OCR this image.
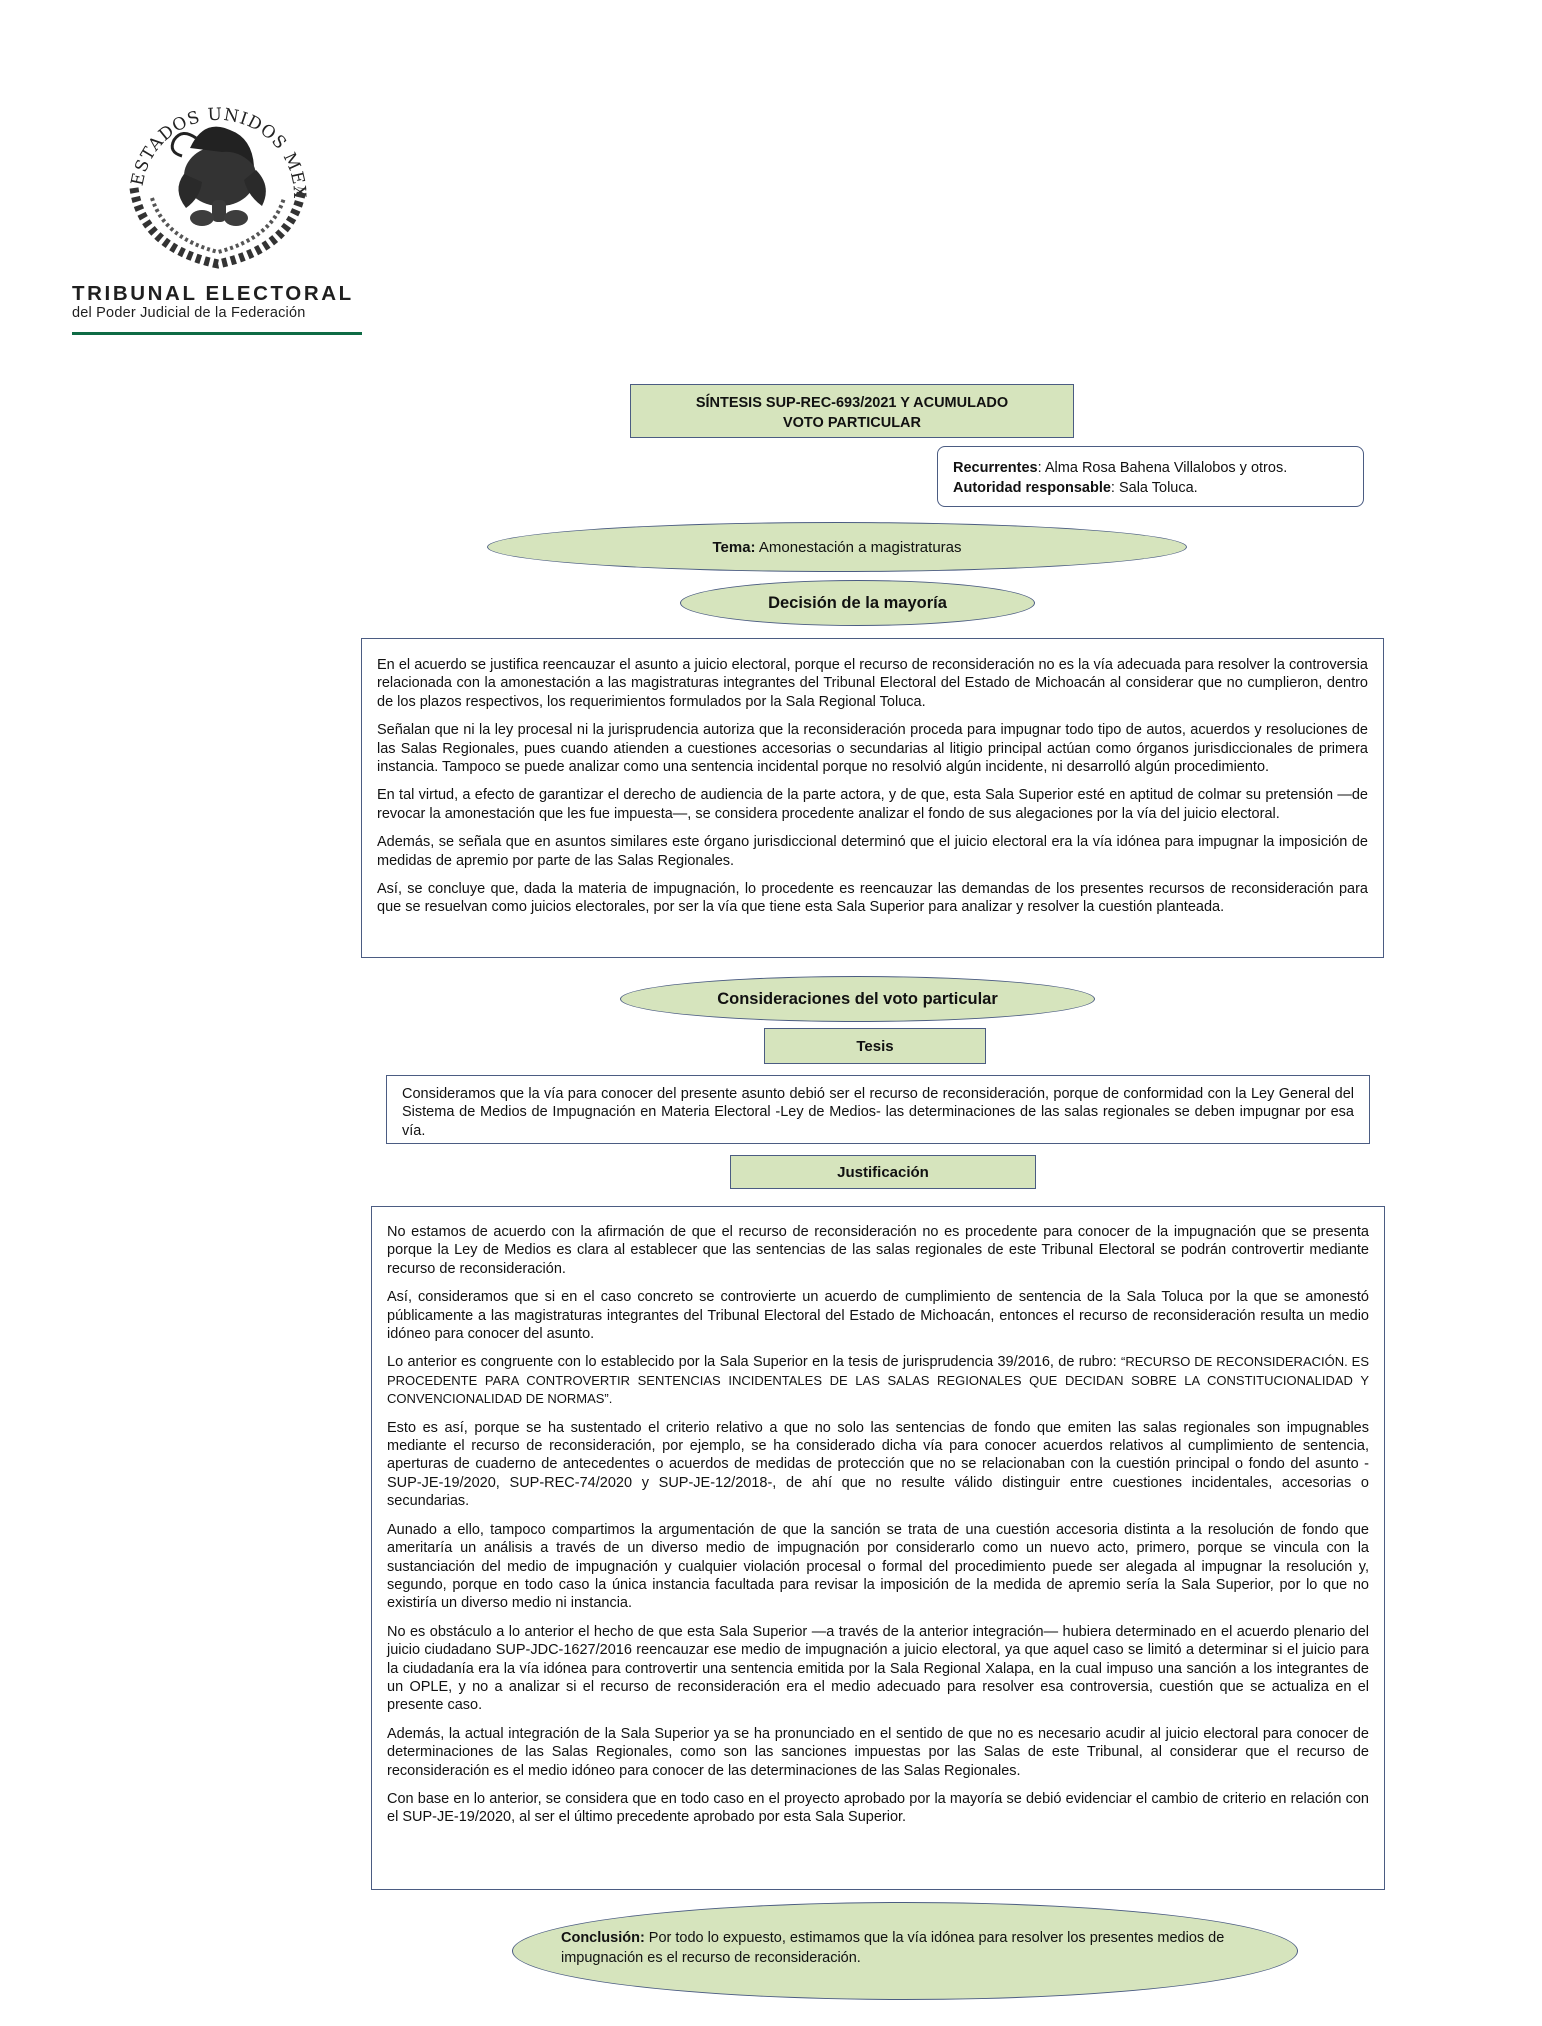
ESTADOS UNIDOS MEX
TRIBUNAL ELECTORAL
del Poder Judicial de la Federación
SÍNTESIS SUP-REC-693/2021 Y ACUMULADO
VOTO PARTICULAR
Recurrentes: Alma Rosa Bahena Villalobos y otros.
Autoridad responsable: Sala Toluca.
Tema: Amonestación a magistraturas
Decisión de la mayoría

En el acuerdo se justifica reencauzar el asunto a juicio electoral, porque el recurso de reconsideración no es la vía adecuada para resolver la controversia relacionada con la amonestación a las magistraturas integrantes del Tribunal Electoral del Estado de Michoacán al considerar que no cumplieron, dentro de los plazos respectivos, los requerimientos formulados por la Sala Regional Toluca.

Señalan que ni la ley procesal ni la jurisprudencia autoriza que la reconsideración proceda para impugnar todo tipo de autos, acuerdos y resoluciones de las Salas Regionales, pues cuando atienden a cuestiones accesorias o secundarias al litigio principal actúan como órganos jurisdiccionales de primera instancia. Tampoco se puede analizar como una sentencia incidental porque no resolvió algún incidente, ni desarrolló algún procedimiento.

En tal virtud, a efecto de garantizar el derecho de audiencia de la parte actora, y de que, esta Sala Superior esté en aptitud de colmar su pretensión —de revocar la amonestación que les fue impuesta—, se considera procedente analizar el fondo de sus alegaciones por la vía del juicio electoral.

Además, se señala que en asuntos similares este órgano jurisdiccional determinó que el juicio electoral era la vía idónea para impugnar la imposición de medidas de apremio por parte de las Salas Regionales.

Así, se concluye que, dada la materia de impugnación, lo procedente es reencauzar las demandas de los presentes recursos de reconsideración para que se resuelvan como juicios electorales, por ser la vía que tiene esta Sala Superior para analizar y resolver la cuestión planteada.

Consideraciones del voto particular
Tesis

Consideramos que la vía para conocer del presente asunto debió ser el recurso de reconsideración, porque de conformidad con la Ley General del Sistema de Medios de Impugnación en Materia Electoral -Ley de Medios- las determinaciones de las salas regionales se deben impugnar por esa vía.

Justificación

No estamos de acuerdo con la afirmación de que el recurso de reconsideración no es procedente para conocer de la impugnación que se presenta porque la Ley de Medios es clara al establecer que las sentencias de las salas regionales de este Tribunal Electoral se podrán controvertir mediante recurso de reconsideración.

Así, consideramos que si en el caso concreto se controvierte un acuerdo de cumplimiento de sentencia de la Sala Toluca por la que se amonestó públicamente a las magistraturas integrantes del Tribunal Electoral del Estado de Michoacán, entonces el recurso de reconsideración resulta un medio idóneo para conocer del asunto.

Lo anterior es congruente con lo establecido por la Sala Superior en la tesis de jurisprudencia 39/2016, de rubro: “RECURSO DE RECONSIDERACIÓN. ES PROCEDENTE PARA CONTROVERTIR SENTENCIAS INCIDENTALES DE LAS SALAS REGIONALES QUE DECIDAN SOBRE LA CONSTITUCIONALIDAD Y CONVENCIONALIDAD DE NORMAS”.

Esto es así, porque se ha sustentado el criterio relativo a que no solo las sentencias de fondo que emiten las salas regionales son impugnables mediante el recurso de reconsideración, por ejemplo, se ha considerado dicha vía para conocer acuerdos relativos al cumplimiento de sentencia, aperturas de cuaderno de antecedentes o acuerdos de medidas de protección que no se relacionaban con la cuestión principal o fondo del asunto - SUP-JE-19/2020, SUP-REC-74/2020 y SUP-JE-12/2018-, de ahí que no resulte válido distinguir entre cuestiones incidentales, accesorias o secundarias.

Aunado a ello, tampoco compartimos la argumentación de que la sanción se trata de una cuestión accesoria distinta a la resolución de fondo que ameritaría un análisis a través de un diverso medio de impugnación por considerarlo como un nuevo acto, primero, porque se vincula con la sustanciación del medio de impugnación y cualquier violación procesal o formal del procedimiento puede ser alegada al impugnar la resolución y, segundo, porque en todo caso la única instancia facultada para revisar la imposición de la medida de apremio sería la Sala Superior, por lo que no existiría un diverso medio ni instancia.

No es obstáculo a lo anterior el hecho de que esta Sala Superior —a través de la anterior integración— hubiera determinado en el acuerdo plenario del juicio ciudadano SUP-JDC-1627/2016 reencauzar ese medio de impugnación a juicio electoral, ya que aquel caso se limitó a determinar si el juicio para la ciudadanía era la vía idónea para controvertir una sentencia emitida por la Sala Regional Xalapa, en la cual impuso una sanción a los integrantes de un OPLE, y no a analizar si el recurso de reconsideración era el medio adecuado para resolver esa controversia, cuestión que se actualiza en el presente caso.

Además, la actual integración de la Sala Superior ya se ha pronunciado en el sentido de que no es necesario acudir al juicio electoral para conocer de determinaciones de las Salas Regionales, como son las sanciones impuestas por las Salas de este Tribunal, al considerar que el recurso de reconsideración es el medio idóneo para conocer de las determinaciones de las Salas Regionales.

Con base en lo anterior, se considera que en todo caso en el proyecto aprobado por la mayoría se debió evidenciar el cambio de criterio en relación con el SUP-JE-19/2020, al ser el último precedente aprobado por esta Sala Superior.

Conclusión: Por todo lo expuesto, estimamos que la vía idónea para resolver los presentes medios de impugnación es el recurso de reconsideración.
